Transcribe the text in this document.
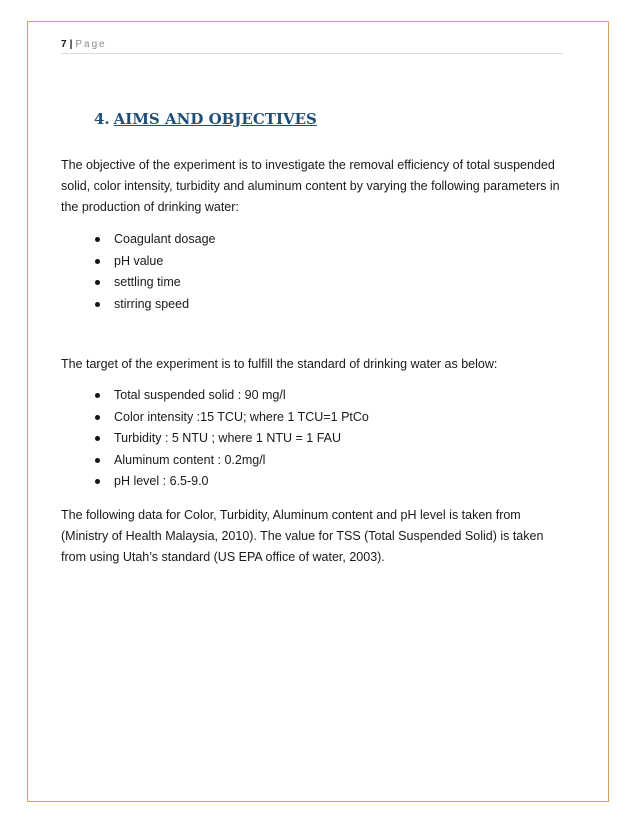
7 | Page
4. AIMS AND OBJECTIVES

The objective of the experiment is to investigate the removal efficiency of total suspended solid, color intensity, turbidity and aluminum content by varying the following parameters in the production of drinking water:

Coagulant dosage
pH value
settling time
stirring speed

The target of the experiment is to fulfill the standard of drinking water as below:

Total suspended solid : 90 mg/l
Color intensity :15 TCU; where 1 TCU=1 PtCo
Turbidity : 5 NTU ; where 1 NTU = 1 FAU
Aluminum content : 0.2mg/l
pH level : 6.5-9.0

The following data for Color, Turbidity, Aluminum content and pH level is taken from (Ministry of Health Malaysia, 2010). The value for TSS (Total Suspended Solid) is taken from using Utah’s standard (US EPA office of water, 2003).
